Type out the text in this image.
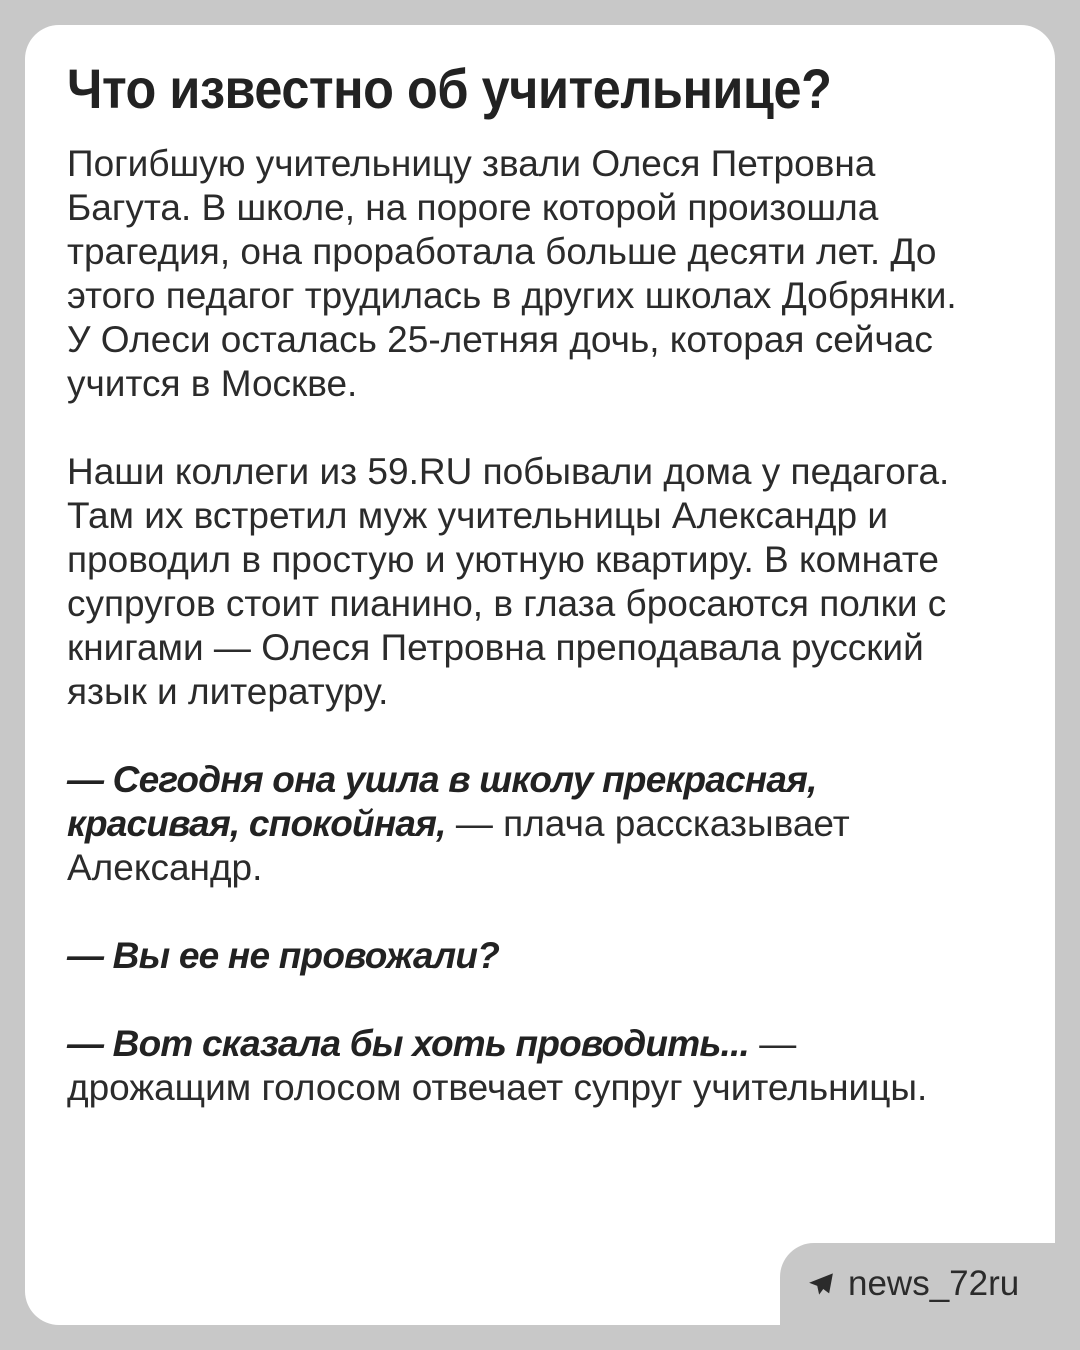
Что известно об учительнице?

Погибшую учительницу звали Олеся Петровна Багута. В школе, на пороге которой произошла трагедия, она проработала больше десяти лет. До этого педагог трудилась в других школах Добрянки. У Олеси осталась 25-летняя дочь, которая сейчас учится в Москве.

Наши коллеги из 59.RU побывали дома у педагога. Там их встретил муж учительницы Александр и проводил в простую и уютную квартиру. В комнате супругов стоит пианино, в глаза бросаются полки с книгами — Олеся Петровна преподавала русский язык и литературу.

— Сегодня она ушла в школу прекрасная, красивая, спокойная, — плача рассказывает Александр.

— Вы ее не провожали?

— Вот сказала бы хоть проводить... — дрожащим голосом отвечает супруг учительницы.

news_72ru
